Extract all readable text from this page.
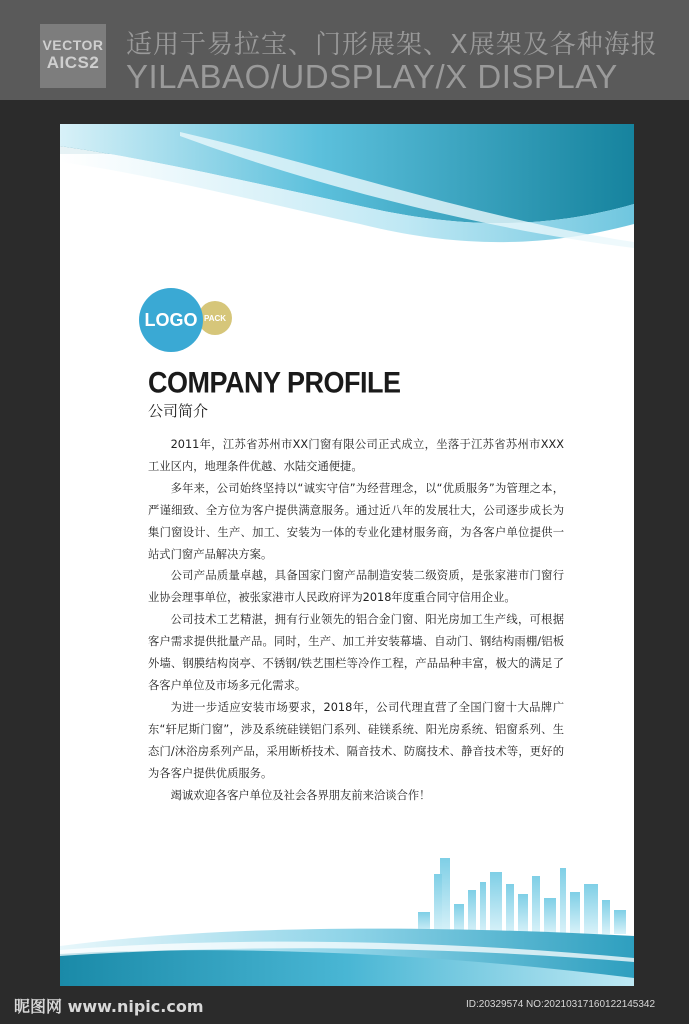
VECTOR
AICS2
适用于易拉宝、门形展架、X展架及各种海报
YILABAO/UDSPLAY/X DISPLAY
LOGO PACK
COMPANY PROFILE
公司简介

2011年，江苏省苏州市XX门窗有限公司正式成立，坐落于江苏省苏州市XXX工业区内，地理条件优越、水陆交通便捷。

多年来，公司始终坚持以“诚实守信”为经营理念，以“优质服务”为管理之本，严谨细致、全方位为客户提供满意服务。通过近八年的发展壮大，公司逐步成长为集门窗设计、生产、加工、安装为一体的专业化建材服务商，为各客户单位提供一站式门窗产品解决方案。

公司产品质量卓越，具备国家门窗产品制造安装二级资质，是张家港市门窗行业协会理事单位，被张家港市人民政府评为2018年度重合同守信用企业。

公司技术工艺精湛，拥有行业领先的铝合金门窗、阳光房加工生产线，可根据客户需求提供批量产品。同时，生产、加工并安装幕墙、自动门、钢结构雨棚/铝板外墙、钢膜结构岗亭、不锈钢/铁艺围栏等冷作工程，产品品种丰富，极大的满足了各客户单位及市场多元化需求。

为进一步适应安装市场要求，2018年，公司代理直营了全国门窗十大品牌广东“轩尼斯门窗”，涉及系统硅镁铝门系列、硅镁系统、阳光房系统、铝窗系列、生态门/沐浴房系列产品，采用断桥技术、隔音技术、防腐技术、静音技术等，更好的为各客户提供优质服务。

竭诚欢迎各客户单位及社会各界朋友前来洽谈合作！

昵图网 www.nipic.com	ID:20329574 NO:20210317160122145342
